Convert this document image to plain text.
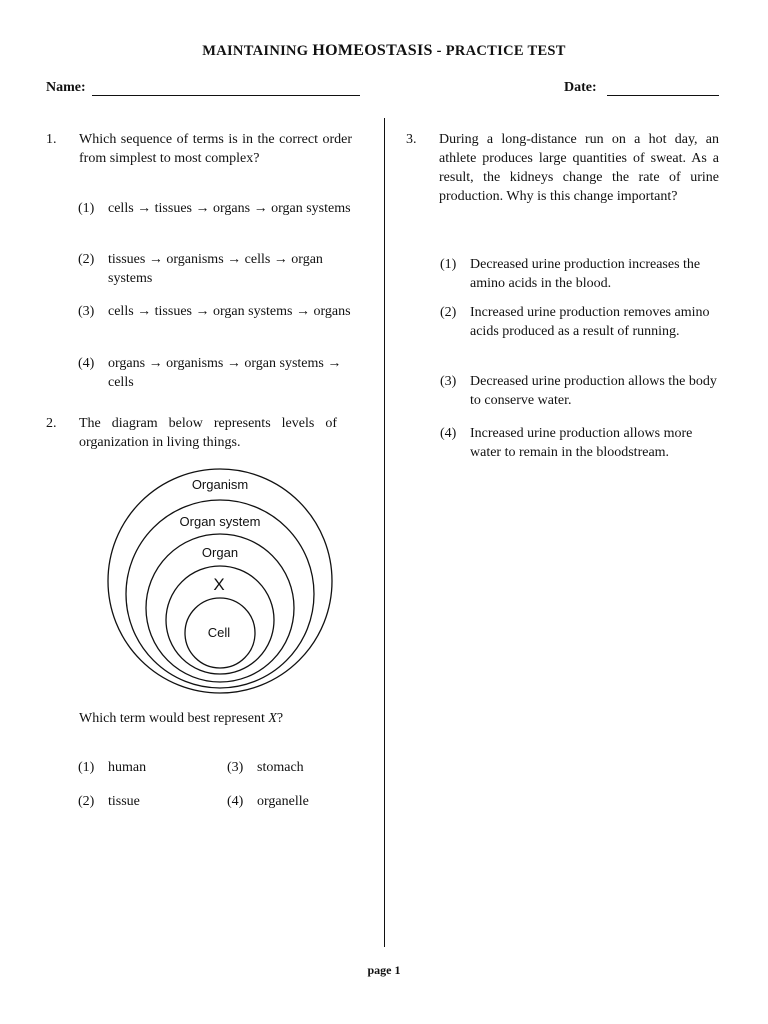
MAINTAINING HOMEOSTASIS - PRACTICE TEST
Name:	Date:
1. Which sequence of terms is in the correct order from simplest to most complex?
(1) cells → tissues → organs → organ systems
(2) tissues → organisms → cells → organ systems
(3) cells → tissues → organ systems → organs
(4) organs → organisms → organ systems → cells
2. The diagram below represents levels of organization in living things.
Organism
Organ system
Organ
X
Cell
Which term would best represent X?
(1) human
(2) tissue
(3) stomach
(4) organelle
3. During a long-distance run on a hot day, an athlete produces large quantities of sweat. As a result, the kidneys change the rate of urine production. Why is this change important?
(1) Decreased urine production increases the amino acids in the blood.
(2) Increased urine production removes amino acids produced as a result of running.
(3) Decreased urine production allows the body to conserve water.
(4) Increased urine production allows more water to remain in the bloodstream.
page 1
